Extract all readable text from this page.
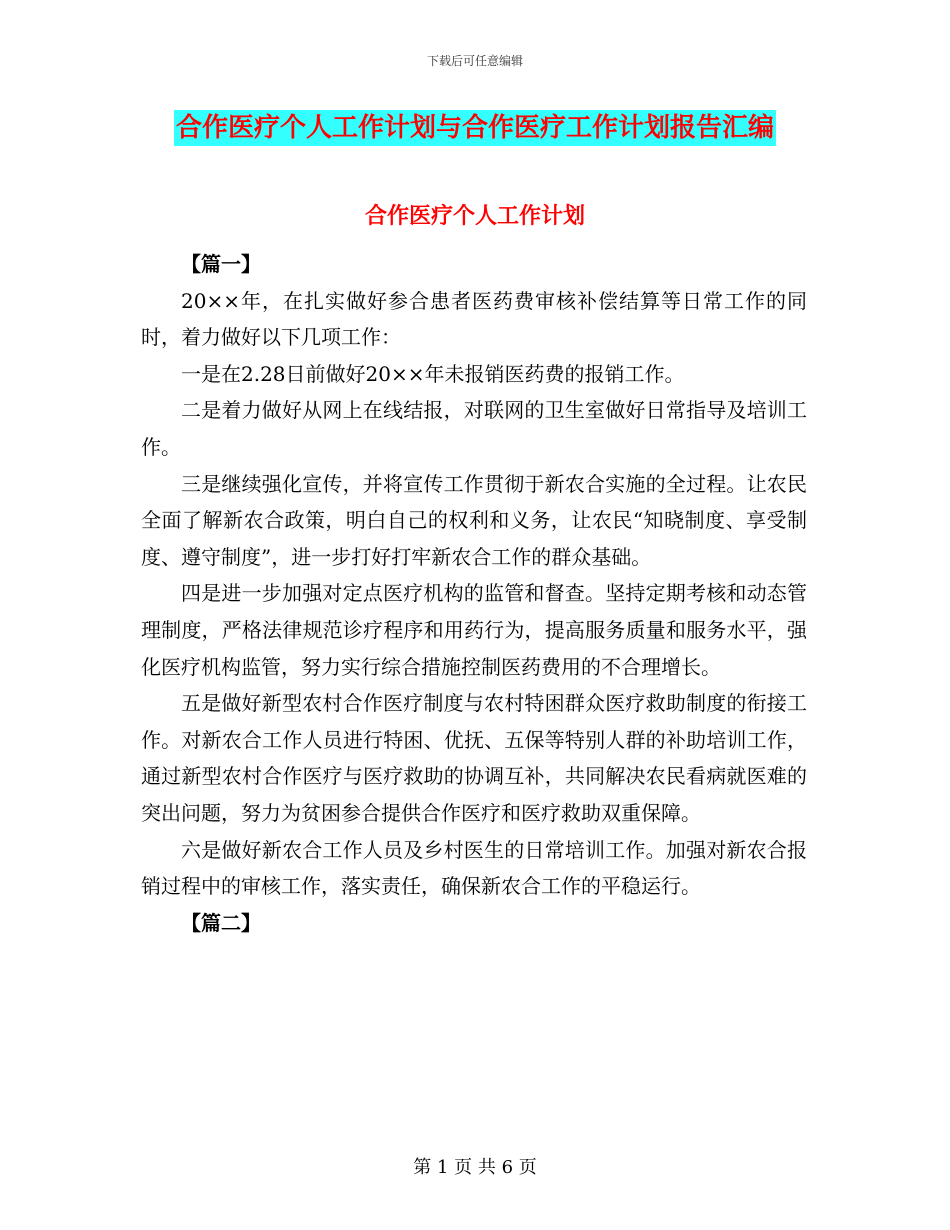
下载后可任意编辑
合作医疗个人工作计划与合作医疗工作计划报告汇编
合作医疗个人工作计划

【篇一】

20××年，在扎实做好参合患者医药费审核补偿结算等日常工作的同时，着力做好以下几项工作：

一是在2.28日前做好20××年未报销医药费的报销工作。

二是着力做好从网上在线结报，对联网的卫生室做好日常指导及培训工作。

三是继续强化宣传，并将宣传工作贯彻于新农合实施的全过程。让农民全面了解新农合政策，明白自己的权利和义务，让农民“知晓制度、享受制度、遵守制度”，进一步打好打牢新农合工作的群众基础。

四是进一步加强对定点医疗机构的监管和督查。坚持定期考核和动态管理制度，严格法律规范诊疗程序和用药行为，提高服务质量和服务水平，强化医疗机构监管，努力实行综合措施控制医药费用的不合理增长。

五是做好新型农村合作医疗制度与农村特困群众医疗救助制度的衔接工作。对新农合工作人员进行特困、优抚、五保等特别人群的补助培训工作，通过新型农村合作医疗与医疗救助的协调互补，共同解决农民看病就医难的突出问题，努力为贫困参合提供合作医疗和医疗救助双重保障。

六是做好新农合工作人员及乡村医生的日常培训工作。加强对新农合报销过程中的审核工作，落实责任，确保新农合工作的平稳运行。

【篇二】

第 1 页 共 6 页
